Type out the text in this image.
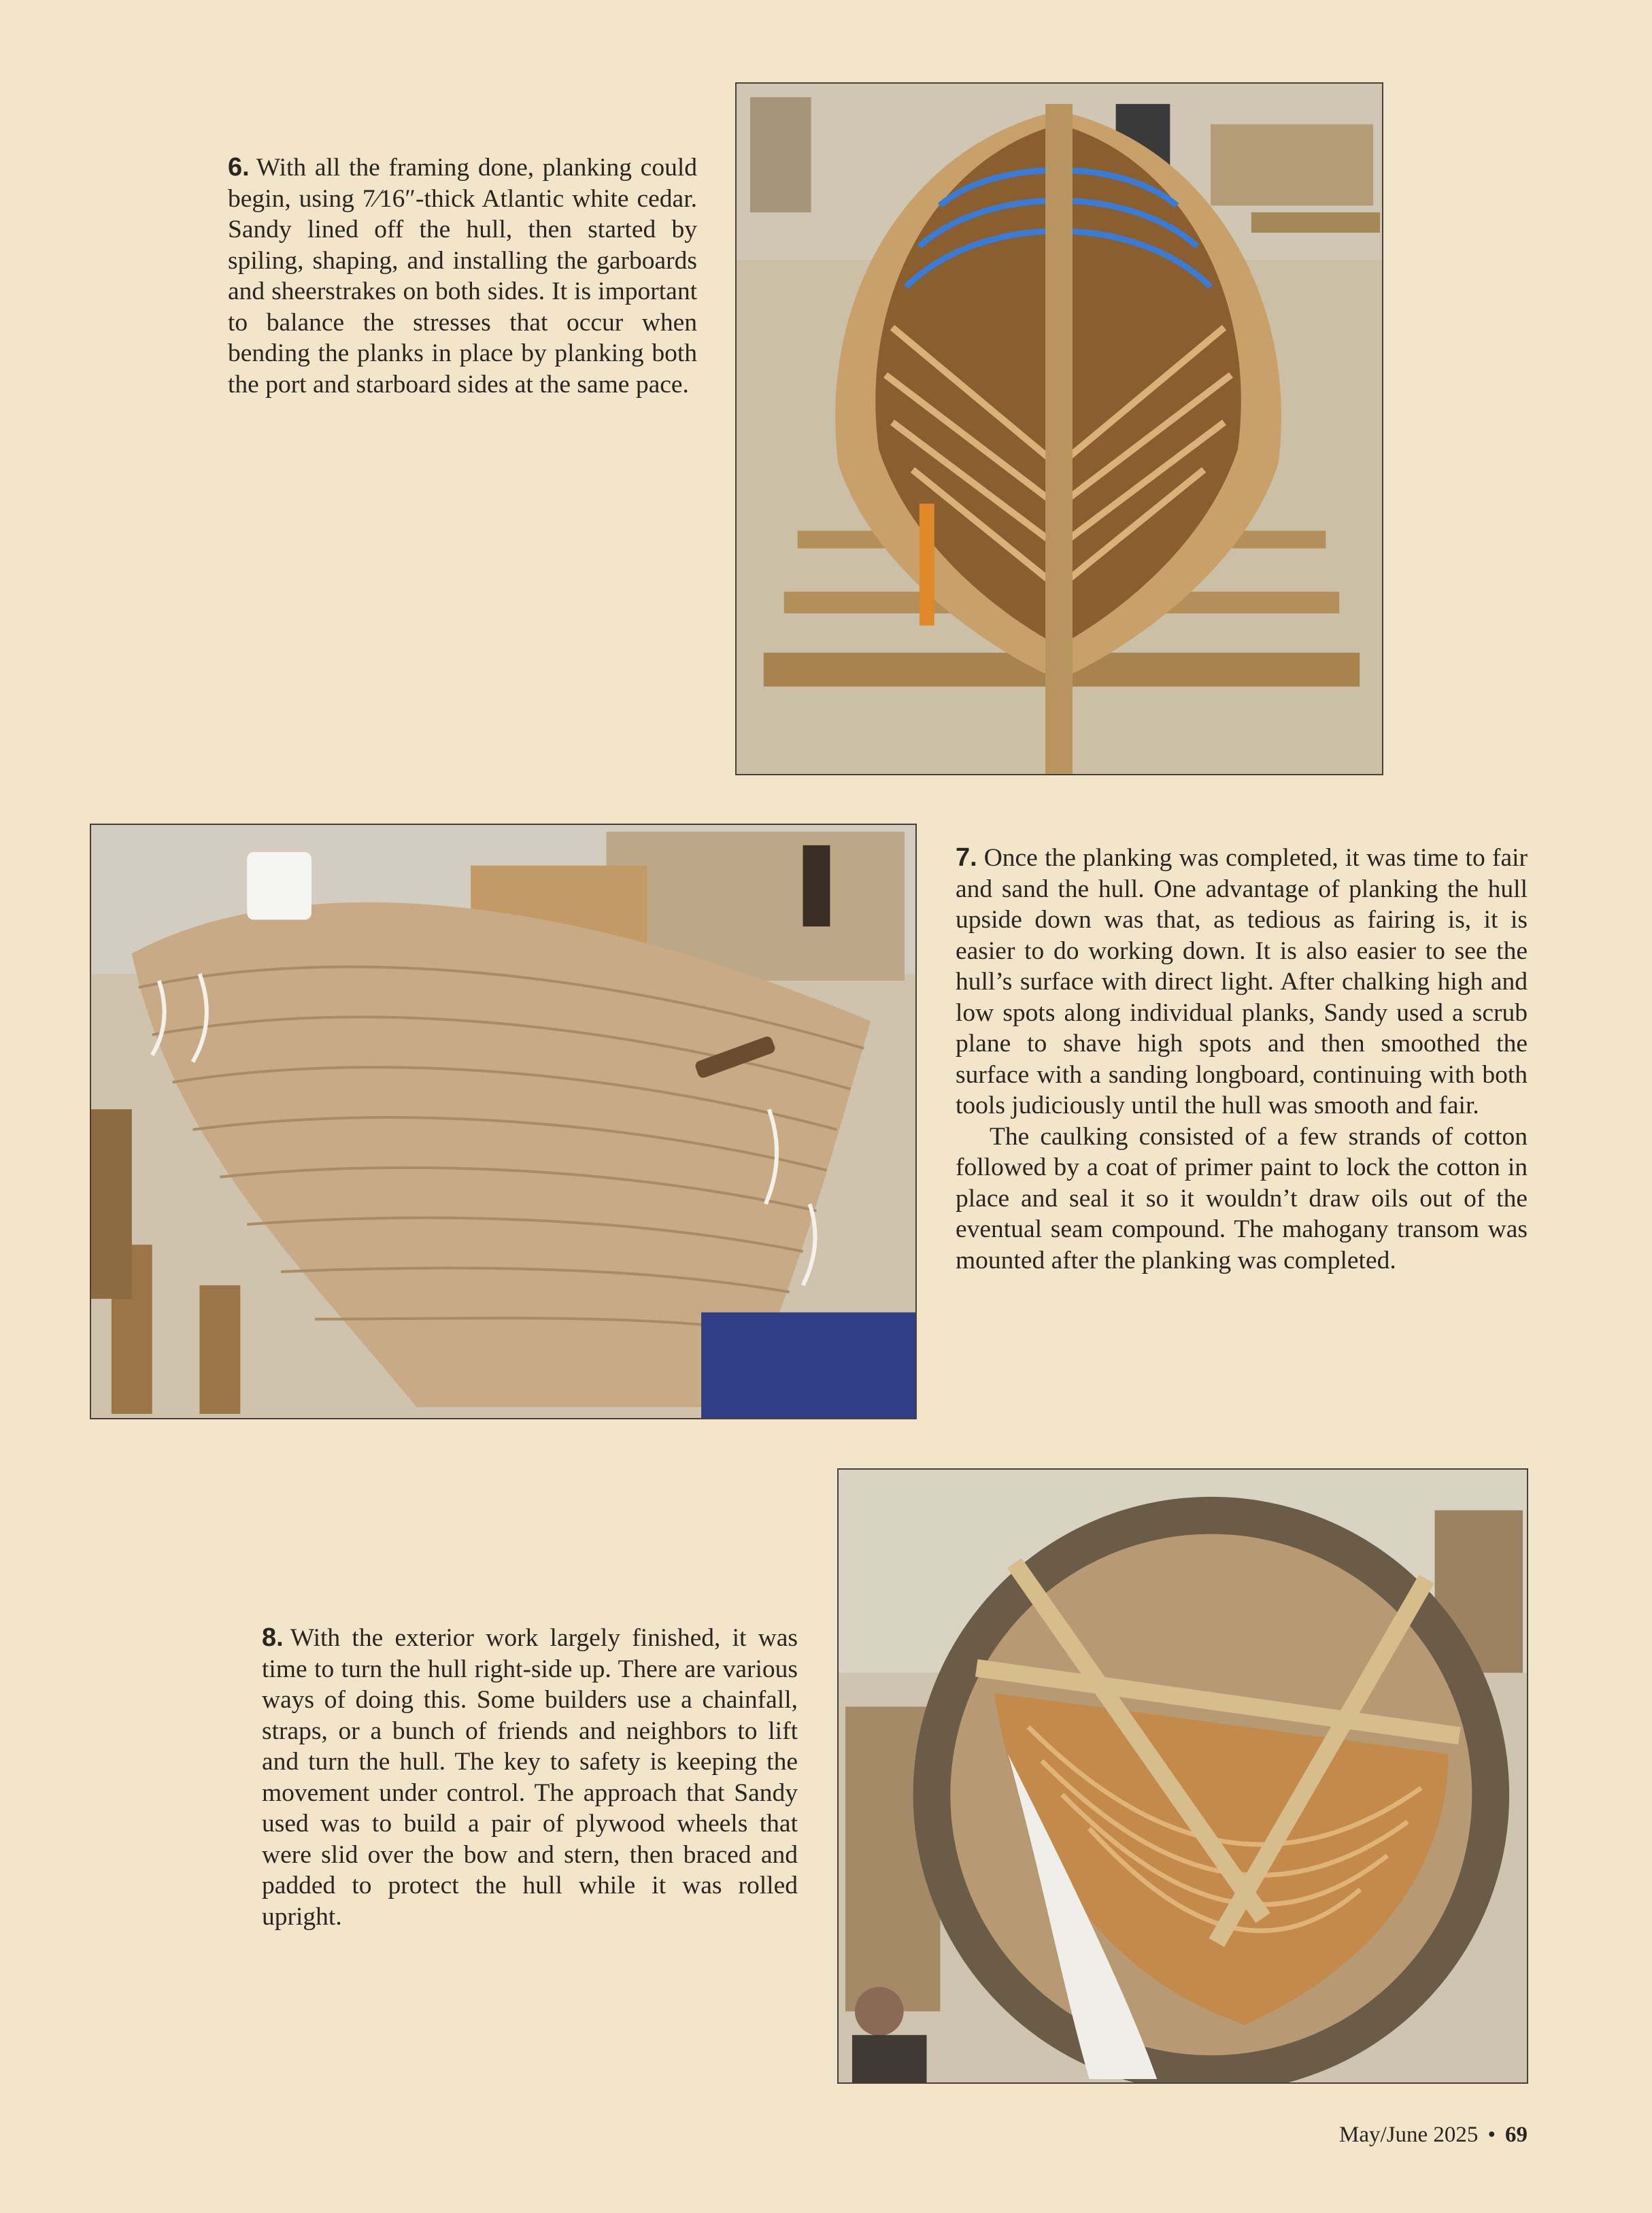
6. With all the framing done, planking could begin, using 7⁄16″-thick Atlantic white cedar. Sandy lined off the hull, then started by spiling, shaping, and installing the garboards and sheerstrakes on both sides. It is important to balance the stresses that occur when bending the planks in place by planking both the port and starboard sides at the same pace.

7. Once the planking was completed, it was time to fair and sand the hull. One advantage of planking the hull upside down was that, as tedious as fairing is, it is easier to do working down. It is also easier to see the hull’s surface with direct light. After chalking high and low spots along individual planks, Sandy used a scrub plane to shave high spots and then smoothed the surface with a sanding longboard, continuing with both tools judiciously until the hull was smooth and fair.

The caulking consisted of a few strands of cotton followed by a coat of primer paint to lock the cotton in place and seal it so it wouldn’t draw oils out of the eventual seam compound. The mahogany transom was mounted after the planking was completed.

8. With the exterior work largely finished, it was time to turn the hull right-side up. There are various ways of doing this. Some builders use a chainfall, straps, or a bunch of friends and neighbors to lift and turn the hull. The key to safety is keeping the movement under control. The approach that Sandy used was to build a pair of plywood wheels that were slid over the bow and stern, then braced and padded to protect the hull while it was rolled upright.

May/June 2025 • 69
